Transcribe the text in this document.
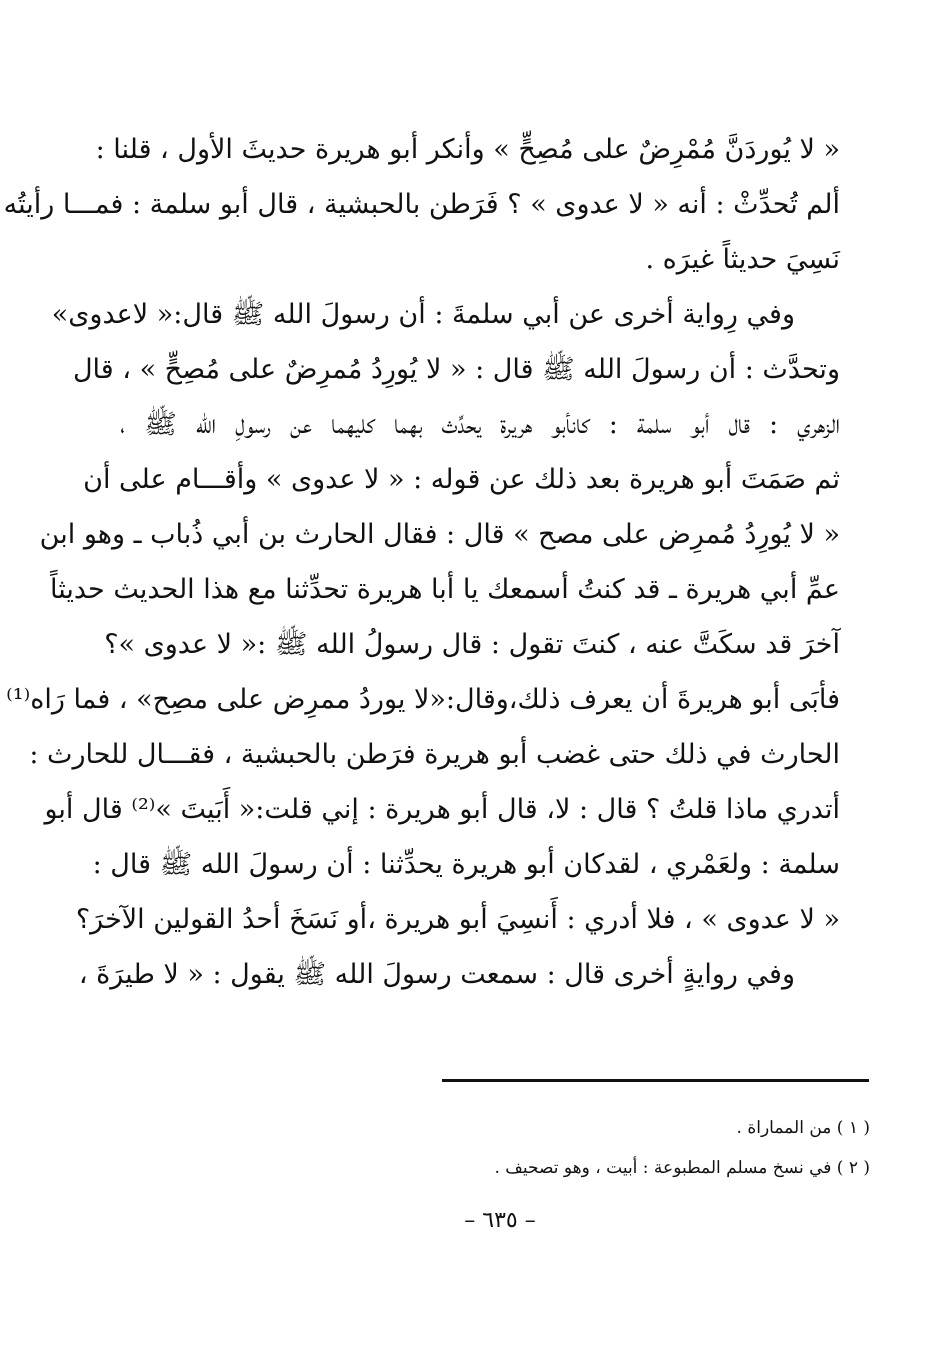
« لا يُوردَنَّ مُمْرِضٌ على مُصِحٍّ » وأنكر أبو هريرة حديثَ الأول ، قلنا :
ألم تُحدِّثْ : أنه « لا عدوى » ؟ فَرَطن بالحبشية ، قال أبو سلمة : فمـــا رأيتُه
نَسِيَ حديثاً غيرَه .
وفي رِواية أخرى عن أبي سلمةَ : أن رسولَ الله ﷺ قال:« لاعدوى»
وتحدَّث : أن رسولَ الله ﷺ قال : « لا يُورِدُ مُمرِضٌ على مُصِحٍّ » ، قال
الزهري : قال أبو سلمة : كانأبو هريرة يحدِّث بهما كليهما عن رسولِ الله ﷺ ،
ثم صَمَتَ أبو هريرة بعد ذلك عن قوله : « لا عدوى » وأقـــام على أن
« لا يُورِدُ مُمرِض على مصح » قال : فقال الحارث بن أبي ذُباب ـ وهو ابن
عمِّ أبي هريرة ـ قد كنتُ أسمعك يا أبا هريرة تحدِّثنا مع هذا الحديث حديثاً
آخرَ قد سكَتَّ عنه ، كنتَ تقول : قال رسولُ الله ﷺ :« لا عدوى »؟
فأبَى أبو هريرةَ أن يعرف ذلك،وقال:«لا يوردُ ممرِض على مصِح» ، فما رَاه⁽¹⁾
الحارث في ذلك حتى غضب أبو هريرة فرَطن بالحبشية ، فقـــال للحارث :
أتدري ماذا قلتُ ؟ قال : لا، قال أبو هريرة : إني قلت:« أَبَيتَ »⁽²⁾ قال أبو
سلمة : ولعَمْري ، لقدكان أبو هريرة يحدِّثنا : أن رسولَ الله ﷺ قال :
« لا عدوى » ، فلا أدري : أَنسِيَ أبو هريرة ،أو نَسَخَ أحدُ القولين الآخرَ؟
وفي روايةٍ أخرى قال : سمعت رسولَ الله ﷺ يقول : « لا طيرَةَ ،
( ١ ) من المماراة .
( ٢ ) في نسخ مسلم المطبوعة : أبيت ، وهو تصحيف .
– ٦٣٥ –
